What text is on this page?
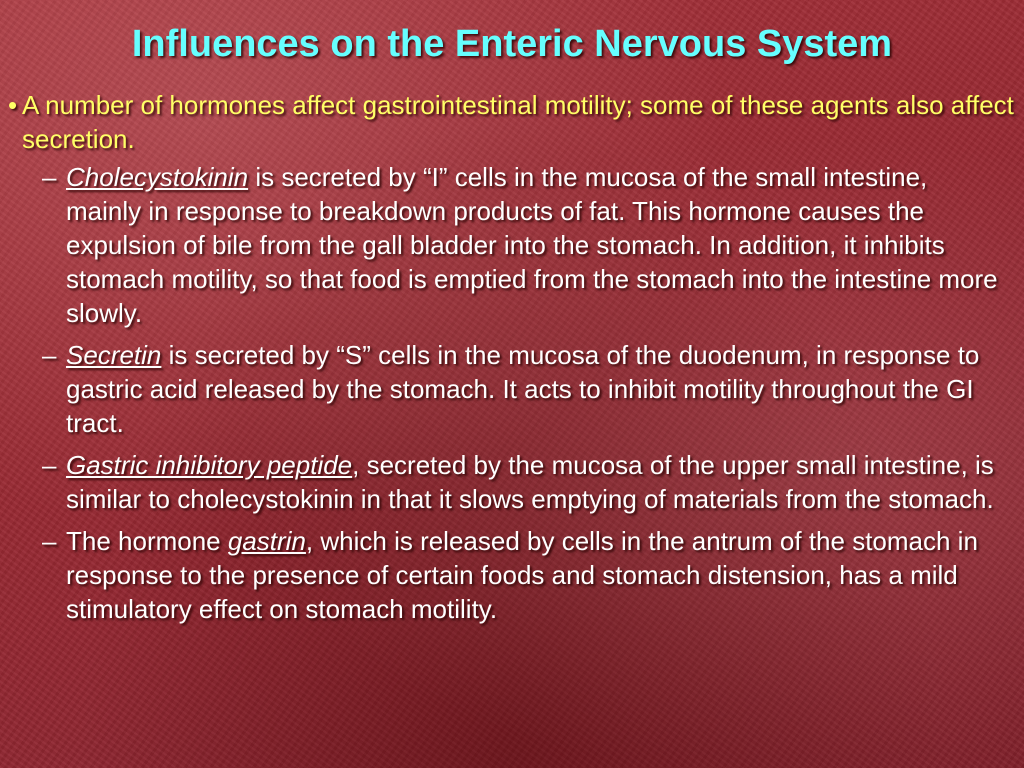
Influences on the Enteric Nervous System

• A number of hormones affect gastrointestinal motility; some of these agents also affect secretion.

– Cholecystokinin is secreted by “I” cells in the mucosa of the small intestine, mainly in response to breakdown products of fat. This hormone causes the expulsion of bile from the gall bladder into the stomach. In addition, it inhibits stomach motility, so that food is emptied from the stomach into the intestine more slowly.

– Secretin is secreted by “S” cells in the mucosa of the duodenum, in response to gastric acid released by the stomach. It acts to inhibit motility throughout the GI tract.

– Gastric inhibitory peptide, secreted by the mucosa of the upper small intestine, is similar to cholecystokinin in that it slows emptying of materials from the stomach.

– The hormone gastrin, which is released by cells in the antrum of the stomach in response to the presence of certain foods and stomach distension, has a mild stimulatory effect on stomach motility.
